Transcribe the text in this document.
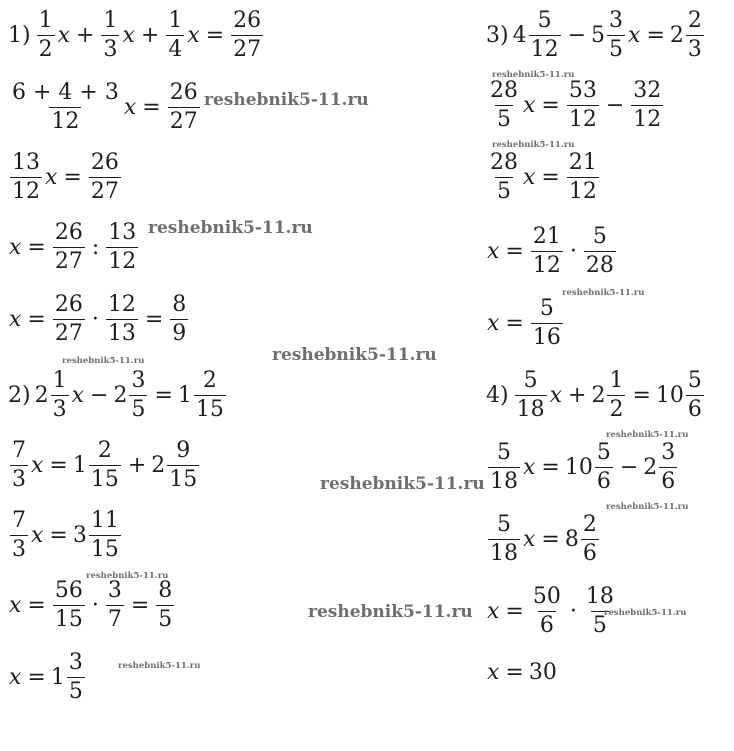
$1) \frac{1}{2}$ $x + \frac{1}{3}$ $x + \frac{1}{4}$ $x = \frac{26}{27}$
$\frac{6 + 4 + 3}{12}$ $x = \frac{26}{27}$
$\frac{13}{12}$ $x = \frac{26}{27}$
$x = \frac{26}{27}$ : $\frac{13}{12}$
$x = \frac{26}{27} \cdot \frac{12}{13} = \frac{8}{9}$
2) $2 \frac{1}{3}$ $x - 2 \frac{3}{5} = 1 \frac{2}{15}$
$\frac{7}{3}$ $x = 1 \frac{2}{15} + 2 \frac{9}{15}$
$\frac{7}{3}$ $x = 3 \frac{11}{15}$
$x = \frac{56}{15} \cdot \frac{3}{7} = \frac{8}{5}$
$x = 1 \frac{3}{5}$
3) $4 \frac{5}{12} - 5 \frac{3}{5}$ $x = 2 \frac{2}{3}$
$\frac{28}{5}$ $x = \frac{53}{12} - \frac{32}{12}$
$\frac{28}{5}$ $x = \frac{21}{12}$
$x = \frac{21}{12} \cdot \frac{5}{28}$
$x = \frac{5}{16}$
$4) \frac{5}{18}$ $x + 2 \frac{1}{2} = 10 \frac{5}{6}$
$\frac{5}{18}$ $x = 10 \frac{5}{6} - 2 \frac{3}{6}$
$\frac{5}{18}$ $x = 8 \frac{2}{6}$
$x = \frac{50}{6} \cdot \frac{18}{5}$
x = 30
reshebnik5-11.ru
reshebnik5-11.ru
reshebnik5-11.ru
reshebnik5-11.ru
reshebnik5-11.ru
reshebnik5-11.ru
reshebnik5-11.ru
reshebnik5-11.ru
reshebnik5-11.ru
reshebnik5-11.ru
reshebnik5-11.ru
reshebnik5-11.ru
reshebnik5-11.ru
reshebnik5-11.ru
